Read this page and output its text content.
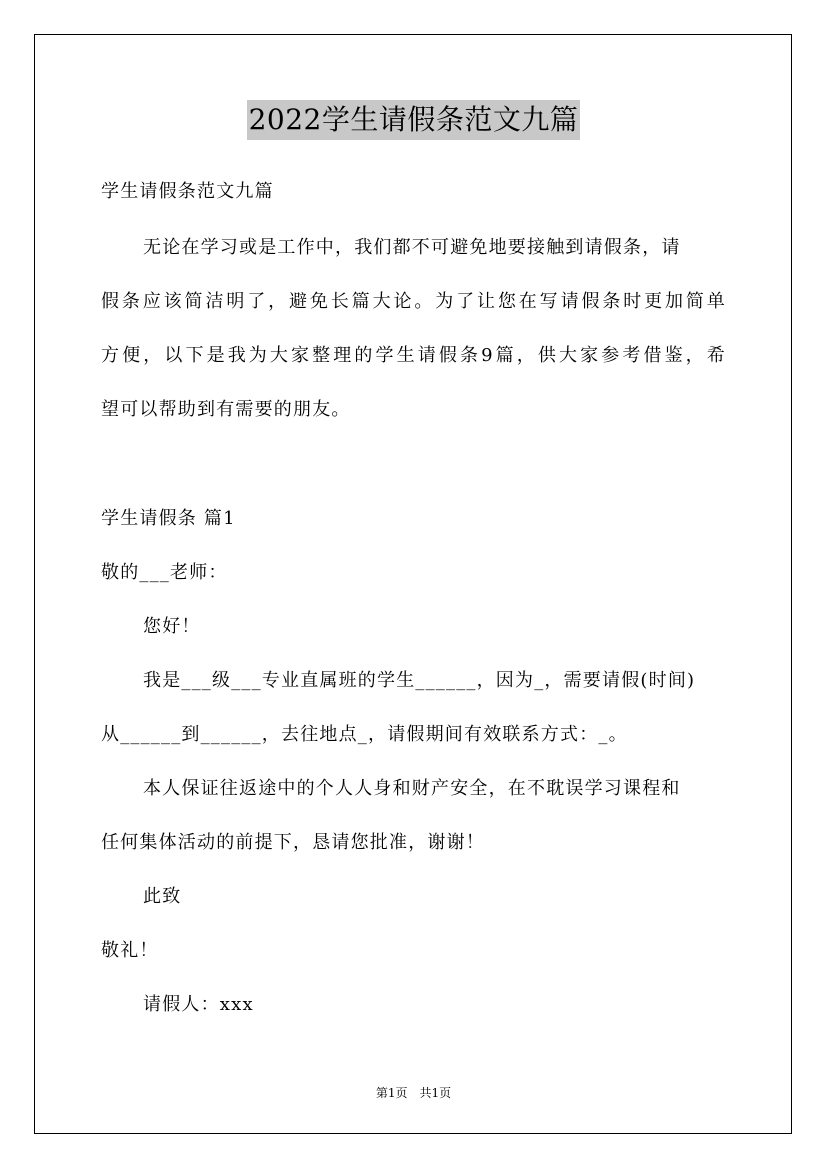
2022学生请假条范文九篇
学生请假条范文九篇
无论在学习或是工作中，我们都不可避免地要接触到请假条，请
假条应该简洁明了，避免长篇大论。为了让您在写请假条时更加简单
方便，以下是我为大家整理的学生请假条9篇，供大家参考借鉴，希
望可以帮助到有需要的朋友。
学生请假条 篇1
敬的___老师：
您好！
我是___级___专业直属班的学生______，因为_，需要请假(时间)
从______到______，去往地点_，请假期间有效联系方式：_。
本人保证往返途中的个人人身和财产安全，在不耽误学习课程和
任何集体活动的前提下，恳请您批准，谢谢！
此致
敬礼！
请假人：xxx
第1页　共1页
